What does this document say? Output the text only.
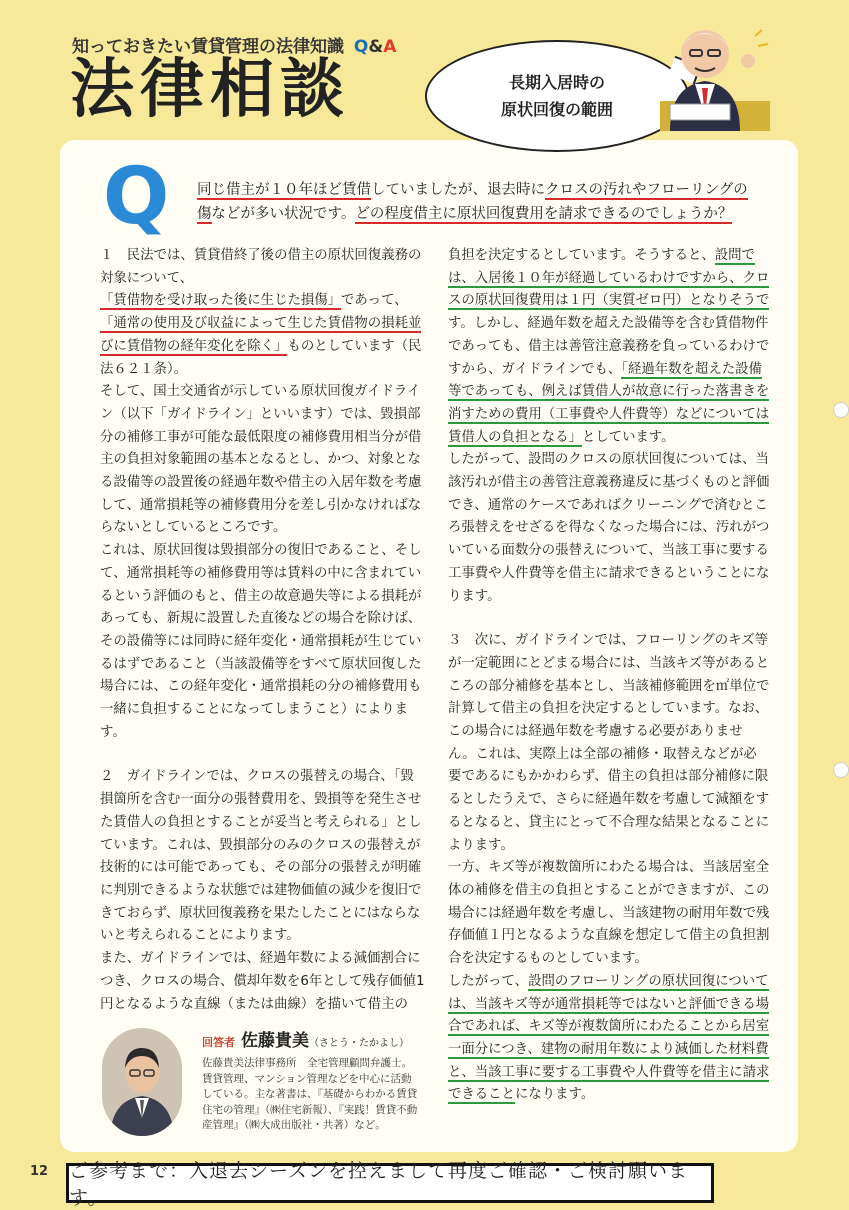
知っておきたい賃貸管理の法律知識 Q&A
法律相談	長期入居時の
原状回復の範囲
Q	同じ借主が１０年ほど賃借していましたが、退去時にクロスの汚れやフローリングの傷などが多い状況です。どの程度借主に原状回復費用を請求できるのでしょうか？

１　民法では、賃貸借終了後の借主の原状回復義務の対象について、「賃借物を受け取った後に生じた損傷」であって、「通常の使用及び収益によって生じた賃借物の損耗並びに賃借物の経年変化を除く」ものとしています（民法６２１条）。

そして、国土交通省が示している原状回復ガイドライン（以下「ガイドライン」といいます）では、毀損部分の補修工事が可能な最低限度の補修費用相当分が借主の負担対象範囲の基本となるとし、かつ、対象となる設備等の設置後の経過年数や借主の入居年数を考慮して、通常損耗等の補修費用分を差し引かなければならないとしているところです。

これは、原状回復は毀損部分の復旧であること、そして、通常損耗等の補修費用等は賃料の中に含まれているという評価のもと、借主の故意過失等による損耗があっても、新規に設置した直後などの場合を除けば、その設備等には同時に経年変化・通常損耗が生じているはずであること（当該設備等をすべて原状回復した場合には、この経年変化・通常損耗の分の補修費用も一緒に負担することになってしまうこと）によります。

２　ガイドラインでは、クロスの張替えの場合、「毀損箇所を含む一面分の張替費用を、毀損等を発生させた賃借人の負担とすることが妥当と考えられる」としています。これは、毀損部分のみのクロスの張替えが技術的には可能であっても、その部分の張替えが明確に判別できるような状態では建物価値の減少を復旧できておらず、原状回復義務を果たしたことにはならないと考えられることによります。

また、ガイドラインでは、経過年数による減価割合につき、クロスの場合、償却年数を6年として残存価値1円となるような直線（または曲線）を描いて借主の

負担を決定するとしています。そうすると、設問では、入居後１０年が経過しているわけですから、クロスの原状回復費用は１円（実質ゼロ円）となりそうです。しかし、経過年数を超えた設備等を含む賃借物件であっても、借主は善管注意義務を負っているわけですから、ガイドラインでも、「経過年数を超えた設備等であっても、例えば賃借人が故意に行った落書きを消すための費用（工事費や人件費等）などについては賃借人の負担となる」としています。

したがって、設問のクロスの原状回復については、当該汚れが借主の善管注意義務違反に基づくものと評価でき、通常のケースであればクリーニングで済むところ張替えをせざるを得なくなった場合には、汚れがついている面数分の張替えについて、当該工事に要する工事費や人件費等を借主に請求できるということになります。

３　次に、ガイドラインでは、フローリングのキズ等が一定範囲にとどまる場合には、当該キズ等があるところの部分補修を基本とし、当該補修範囲を㎡単位で計算して借主の負担を決定するとしています。なお、この場合には経過年数を考慮する必要がありません。これは、実際上は全部の補修・取替えなどが必要であるにもかかわらず、借主の負担は部分補修に限るとしたうえで、さらに経過年数を考慮して減額をするとなると、貸主にとって不合理な結果となることによります。

一方、キズ等が複数箇所にわたる場合は、当該居室全体の補修を借主の負担とすることができますが、この場合には経過年数を考慮し、当該建物の耐用年数で残存価値１円となるような直線を想定して借主の負担割合を決定するものとしています。

したがって、設問のフローリングの原状回復については、当該キズ等が通常損耗等ではないと評価できる場合であれば、キズ等が複数箇所にわたることから居室一面分につき、建物の耐用年数により減価した材料費と、当該工事に要する工事費や人件費等を借主に請求できることになります。

回答者 佐藤貴美（さとう・たかよし）
佐藤貴美法律事務所　全宅管理顧問弁護士。賃貸管理、マンション管理などを中心に活動している。主な著書は、『基礎からわかる賃貸住宅の管理』（㈱住宅新報）、『実践！賃貸不動産管理』（㈱大成出版社・共著）など。
12 ご参考まで：入退去シーズンを控えまして再度ご確認・ご検討願います。
